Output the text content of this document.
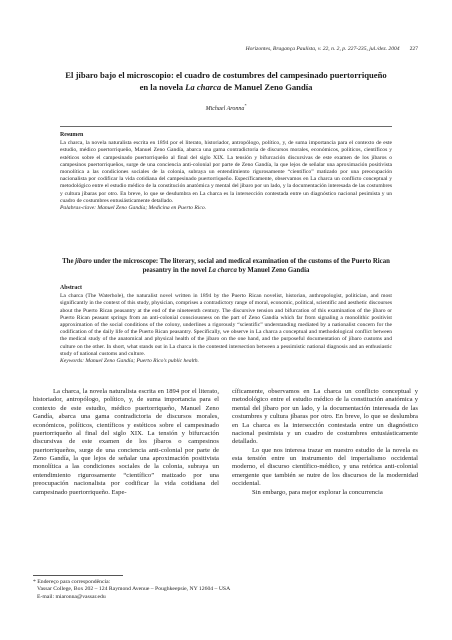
Horizontes, Bragança Paulista, v. 22, n. 2, p. 227-235, jul./dez. 2004 227
El jíbaro bajo el microscopio: el cuadro de costumbres del campesinado puertorriqueño
en la novela La charca de Manuel Zeno Gandía
Michael Aronna*
Resumen

La charca, la novela naturalista escrita en 1894 por el literato, historiador, antropólogo, político, y, de suma importancia para el contexto de este estudio, médico puertorriqueño, Manuel Zeno Gandía, abarca una gama contradictoria de discursos morales, económicos, políticos, científicos y estéticos sobre el campesinado puertorriqueño al final del siglo XIX. La tensión y bifurcación discursivas de este examen de los jíbaros o campesinos puertorriqueños, surge de una conciencia anti-colonial por parte de Zeno Gandía, la que lejos de señalar una aproximación positivista monolítica a las condiciones sociales de la colonia, subraya un entendimiento rigurosamente “científico” matizado por una preocupación nacionalista por codificar la vida cotidiana del campesinado puertorriqueño. Específicamente, observamos en La charca un conflicto conceptual y metodológico entre el estudio médico de la constitución anatómica y mental del jíbaro por un lado, y la documentación interesada de las costumbres y cultura jíbaras por otro. En breve, lo que se desdumbra en La charca es la intersección contestada entre un diagnóstico nacional pesimista y un cuadro de costumbres entusiásticamente detallado.

Palabras-clave: Manuel Zeno Gandía; Medicina en Puerto Rico.

The jíbaro under the microscope: The literary, social and medical examination of the customs of the Puerto Rican peasantry in the novel La charca by Manuel Zeno Gandía
Abstract

La charca (The Waterhole), the naturalist novel written in 1894 by the Puerto Rican novelist, historian, anthropologist, politician, and most significantly in the context of this study, physician, comprises a contradictory range of moral, economic, political, scientific and aesthetic discourses about the Puerto Rican peasantry at the end of the nineteenth century. The discursive tension and bifurcation of this examination of the jíbaro or Puerto Rican peasant springs from an anti-colonial consciousness on the part of Zeno Gandía which far from signaling a monolithic positivist approximation of the social conditions of the colony, underlines a rigorously “scientific” understanding mediated by a nationalist concern for the codification of the daily life of the Puerto Rican peasantry. Specifically, we observe in La charca a conceptual and methodological conflict between the medical study of the anatomical and physical health of the jíbaro on the one hand, and the purposeful documentation of jíbaro customs and culture on the other. In short, what stands out in La charca is the contested intersection between a pessimistic national diagnosis and an enthusiastic study of national customs and culture.

Keywords: Manuel Zeno Gandía; Puerto Rico’s public health.

La charca, la novela naturalista escrita en 1894 por el literato, historiador, antropólogo, político, y, de suma importancia para el contexto de este estudio, médico puertorriqueño, Manuel Zeno Gandía, abarca una gama contradictoria de discursos morales, económicos, políticos, científicos y estéticos sobre el campesinado puertorriqueño al final del siglo XIX. La tensión y bifurcación discursivas de este examen de los jíbaros o campesinos puertorriqueños, surge de una conciencia anti-colonial por parte de Zeno Gandía, la que lejos de señalar una aproximación positivista monolítica a las condiciones sociales de la colonia, subraya un entendimiento rigurosamente “científico” matizado por una preocupación nacionalista por codificar la vida cotidiana del campesinado puertorriqueño. Espe-

cíficamente, observamos en La charca un conflicto conceptual y metodológico entre el estudio médico de la constitución anatómica y mental del jíbaro por un lado, y la documentación interesada de las costumbres y cultura jíbaras por otro. En breve, lo que se deslumbra en La charca es la intersección contestada entre un diagnóstico nacional pesimista y un cuadro de costumbres entusiásticamente detallado.

Lo que nos interesa trazar en nuestro estudio de la novela es esta tensión entre un instrumento del imperialismo occidental moderno, el discurso científico-médico, y una retórica anti-colonial emergente que también se nutre de los discursos de la modernidad occidental.

Sin embargo, para mejor explorar la concurrencia

* Endereço para correspondência:
Vassar College, Box 202 – 124 Raymond Avenue – Poughkeepsie, NY 12604 – USA
E-mail: miaronna@vassar.edu
